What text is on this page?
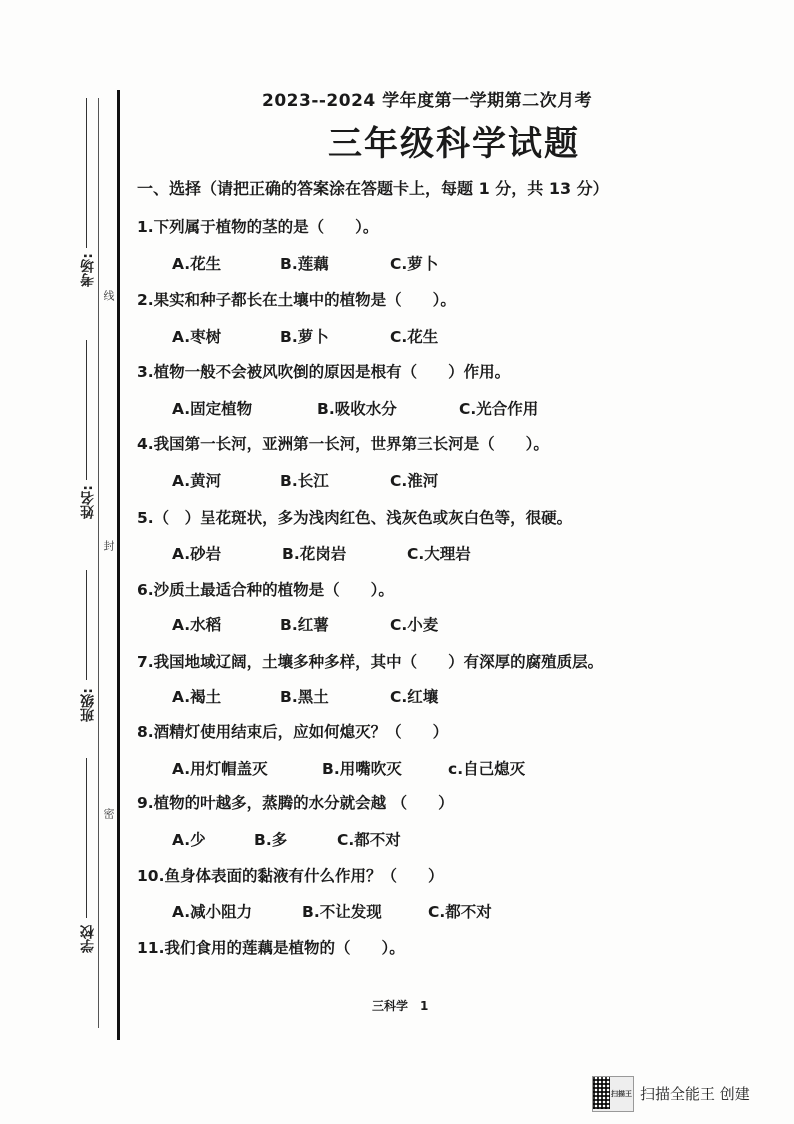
考场:
线
姓名:
封
班级:
密
学校
2023--2024 学年度第一学期第二次月考
三年级科学试题
一、选择（请把正确的答案涂在答题卡上，每题 1 分，共 13 分）
1.下列属于植物的茎的是（　　）。
A.花生	B.莲藕	C.萝卜
2.果实和种子都长在土壤中的植物是（　　）。
A.枣树	B.萝卜	C.花生
3.植物一般不会被风吹倒的原因是根有（　　）作用。
A.固定植物	B.吸收水分	C.光合作用
4.我国第一长河，亚洲第一长河，世界第三长河是（　　）。
A.黄河	B.长江	C.淮河
5.（　）呈花斑状，多为浅肉红色、浅灰色或灰白色等，很硬。
A.砂岩	B.花岗岩	C.大理岩
6.沙质土最适合种的植物是（　　）。
A.水稻	B.红薯	C.小麦
7.我国地域辽阔，土壤多种多样，其中（　　）有深厚的腐殖质层。
A.褐土	B.黑土	C.红壤
8.酒精灯使用结束后，应如何熄灭？（　　）
A.用灯帽盖灭	B.用嘴吹灭	c.自己熄灭
9.植物的叶越多，蒸腾的水分就会越 （　　）
A.少	B.多	C.都不对
10.鱼身体表面的黏液有什么作用？（　　）
A.减小阻力	B.不让发现	C.都不对
11.我们食用的莲藕是植物的（　　）。
三科学　1
扫描王 扫描全能王 创建
